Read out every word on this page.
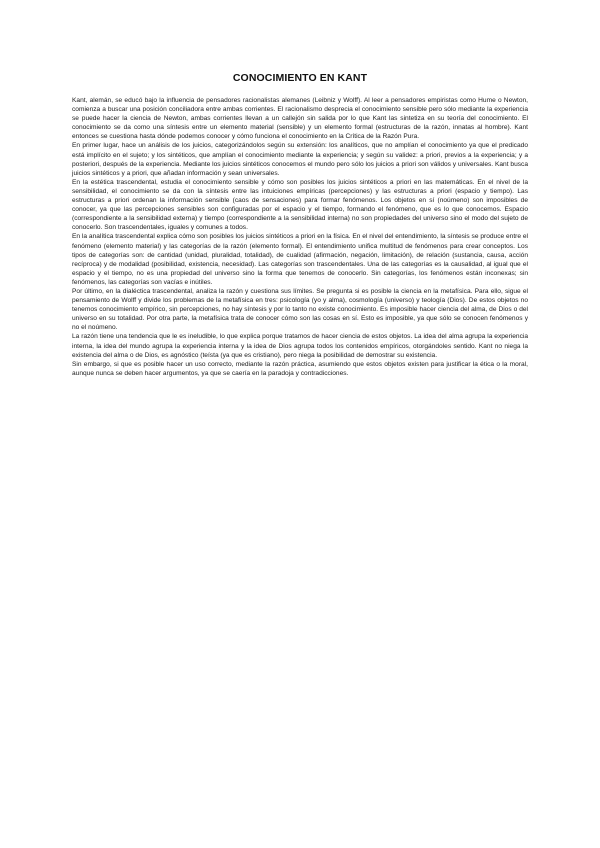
CONOCIMIENTO EN KANT

Kant, alemán, se educó bajo la influencia de pensadores racionalistas alemanes (Leibniz y Wolff). Al leer a pensadores empiristas como Hume o Newton, comienza a buscar una posición conciliadora entre ambas corrientes. El racionalismo desprecia el conocimiento sensible pero sólo mediante la experiencia se puede hacer la ciencia de Newton, ambas corrientes llevan a un callejón sin salida por lo que Kant las sintetiza en su teoría del conocimiento. El conocimiento se da como una síntesis entre un elemento material (sensible) y un elemento formal (estructuras de la razón, innatas al hombre). Kant entonces se cuestiona hasta dónde podemos conocer y cómo funciona el conocimiento en la Crítica de la Razón Pura.

En primer lugar, hace un análisis de los juicios, categorizándolos según su extensión: los analíticos, que no amplían el conocimiento ya que el predicado está implícito en el sujeto; y los sintéticos, que amplían el conocimiento mediante la experiencia; y según su validez: a priori, previos a la experiencia; y a posteriori, después de la experiencia. Mediante los juicios sintéticos conocemos el mundo pero sólo los juicios a priori son válidos y universales. Kant busca juicios sintéticos y a priori, que añadan información y sean universales.

En la estética trascendental, estudia el conocimiento sensible y cómo son posibles los juicios sintéticos a priori en las matemáticas. En el nivel de la sensibilidad, el conocimiento se da con la síntesis entre las intuiciones empíricas (percepciones) y las estructuras a priori (espacio y tiempo). Las estructuras a priori ordenan la información sensible (caos de sensaciones) para formar fenómenos. Los objetos en sí (noúmeno) son imposibles de conocer, ya que las percepciones sensibles son configuradas por el espacio y el tiempo, formando el fenómeno, que es lo que conocemos. Espacio (correspondiente a la sensibilidad externa) y tiempo (correspondiente a la sensibilidad interna) no son propiedades del universo sino el modo del sujeto de conocerlo. Son trascendentales, iguales y comunes a todos.

En la analítica trascendental explica cómo son posibles los juicios sintéticos a priori en la física. En el nivel del entendimiento, la síntesis se produce entre el fenómeno (elemento material) y las categorías de la razón (elemento formal). El entendimiento unifica multitud de fenómenos para crear conceptos. Los tipos de categorías son: de cantidad (unidad, pluralidad, totalidad), de cualidad (afirmación, negación, limitación), de relación (sustancia, causa, acción recíproca) y de modalidad (posibilidad, existencia, necesidad). Las categorías son trascendentales. Una de las categorías es la causalidad, al igual que el espacio y el tiempo, no es una propiedad del universo sino la forma que tenemos de conocerlo. Sin categorías, los fenómenos están inconexas; sin fenómenos, las categorías son vacías e inútiles.

Por último, en la dialéctica trascendental, analiza la razón y cuestiona sus límites. Se pregunta si es posible la ciencia en la metafísica. Para ello, sigue el pensamiento de Wolff y divide los problemas de la metafísica en tres: psicología (yo y alma), cosmología (universo) y teología (Dios). De estos objetos no tenemos conocimiento empírico, sin percepciones, no hay síntesis y por lo tanto no existe conocimiento. Es imposible hacer ciencia del alma, de Dios o del universo en su totalidad. Por otra parte, la metafísica trata de conocer cómo son las cosas en sí. Esto es imposible, ya que sólo se conocen fenómenos y no el noúmeno.

La razón tiene una tendencia que le es ineludible, lo que explica porque tratamos de hacer ciencia de estos objetos. La idea del alma agrupa la experiencia interna, la idea del mundo agrupa la experiencia interna y la idea de Dios agrupa todos los contenidos empíricos, otorgándoles sentido. Kant no niega la existencia del alma o de Dios, es agnóstico (teísta (ya que es cristiano), pero niega la posibilidad de demostrar su existencia.

Sin embargo, si que es posible hacer un uso correcto, mediante la razón práctica, asumiendo que estos objetos existen para justificar la ética o la moral, aunque nunca se deben hacer argumentos, ya que se caería en la paradoja y contradicciones.
